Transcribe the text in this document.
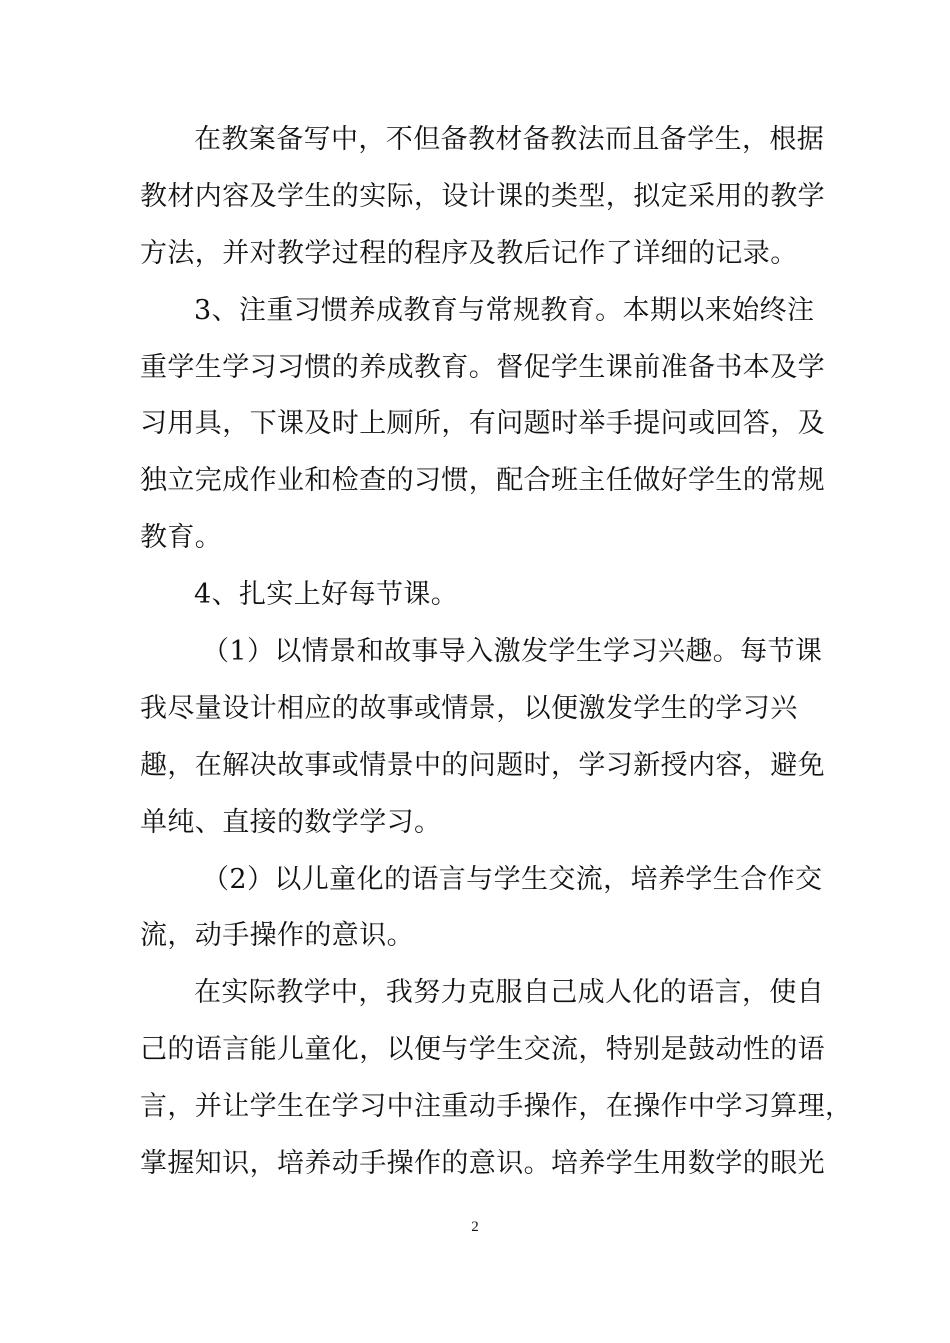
在教案备写中，不但备教材备教法而且备学生，根据
教材内容及学生的实际，设计课的类型，拟定采用的教学
方法，并对教学过程的程序及教后记作了详细的记录。
3、注重习惯养成教育与常规教育。本期以来始终注
重学生学习习惯的养成教育。督促学生课前准备书本及学
习用具，下课及时上厕所，有问题时举手提问或回答，及
独立完成作业和检查的习惯，配合班主任做好学生的常规
教育。
4、扎实上好每节课。
（1）以情景和故事导入激发学生学习兴趣。每节课
我尽量设计相应的故事或情景，以便激发学生的学习兴
趣，在解决故事或情景中的问题时，学习新授内容，避免
单纯、直接的数学学习。
（2）以儿童化的语言与学生交流，培养学生合作交
流，动手操作的意识。
在实际教学中，我努力克服自己成人化的语言，使自
己的语言能儿童化，以便与学生交流，特别是鼓动性的语
言，并让学生在学习中注重动手操作，在操作中学习算理，
掌握知识，培养动手操作的意识。培养学生用数学的眼光
2
